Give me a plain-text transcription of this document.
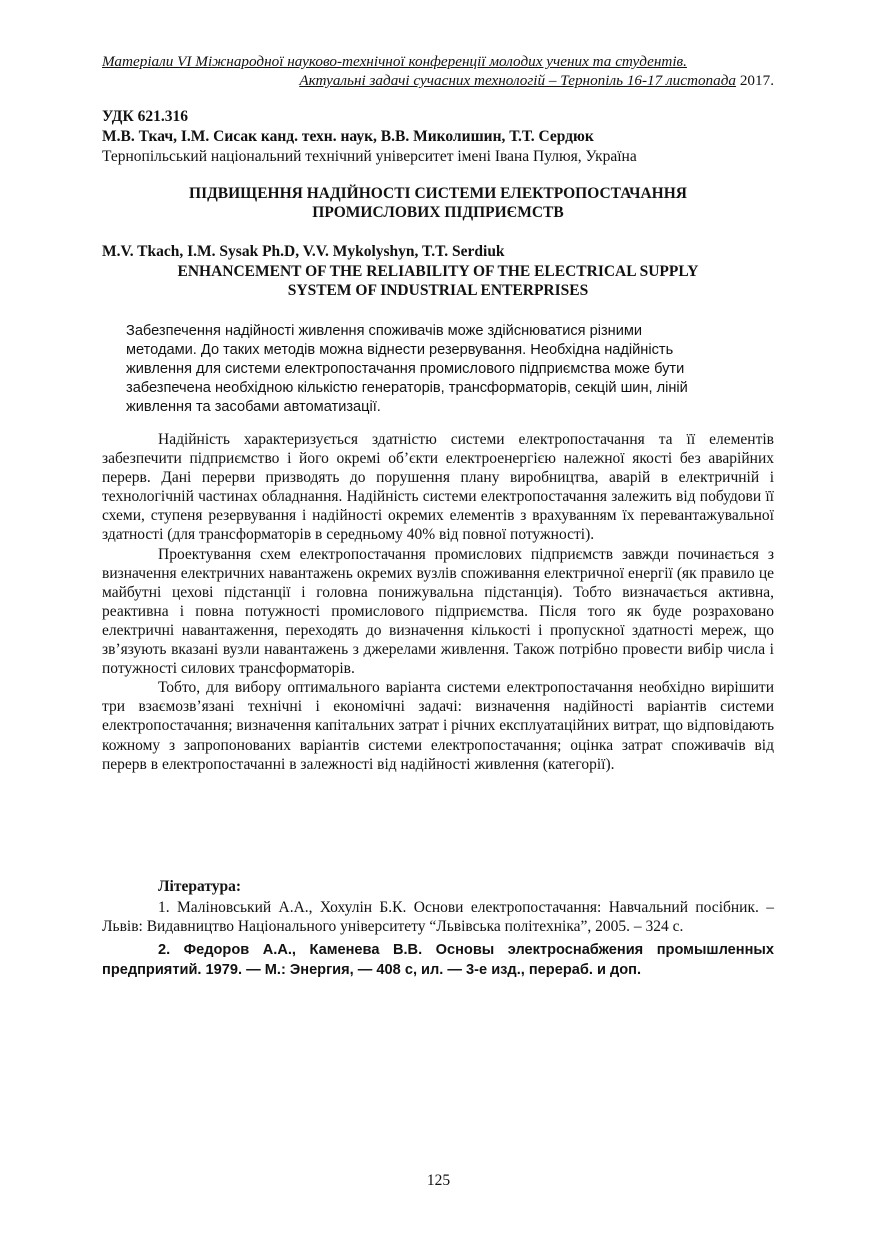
Матеріали VI Міжнародної науково-технічної конференції молодих учених та студентів.
Актуальні задачі сучасних технологій – Тернопіль 16-17 листопада 2017.
УДК 621.316
М.В. Ткач, І.М. Сисак канд. техн. наук, В.В. Миколишин, Т.Т. Сердюк
Тернопільський національний технічний університет імені Івана Пулюя, Україна
ПІДВИЩЕННЯ НАДІЙНОСТІ СИСТЕМИ ЕЛЕКТРОПОСТАЧАННЯ
ПРОМИСЛОВИХ ПІДПРИЄМСТВ
M.V. Tkach, I.M. Sysak Ph.D, V.V. Mykolyshyn, T.T. Serdiuk
ENHANCEMENT OF THE RELIABILITY OF THE ELECTRICAL SUPPLY
SYSTEM OF INDUSTRIAL ENTERPRISES
Забезпечення надійності живлення споживачів може здійснюватися різними
методами. До таких методів можна віднести резервування. Необхідна надійність
живлення для системи електропостачання промислового підприємства може бути
забезпечена необхідною кількістю генераторів, трансформаторів, секцій шин, ліній
живлення та засобами автоматизації.

Надійність характеризується здатністю системи електропостачання та її елементів забезпечити підприємство і його окремі об’єкти електроенергією належної якості без аварійних перерв. Дані перерви призводять до порушення плану виробництва, аварій в електричній і технологічній частинах обладнання. Надійність системи електропостачання залежить від побудови її схеми, ступеня резервування і надійності окремих елементів з врахуванням їх перевантажувальної здатності (для трансформаторів в середньому 40% від повної потужності).

Проектування схем електропостачання промислових підприємств завжди починається з визначення електричних навантажень окремих вузлів споживання електричної енергії (як правило це майбутні цехові підстанції і головна понижувальна підстанція). Тобто визначається активна, реактивна і повна потужності промислового підприємства. Після того як буде розраховано електричні навантаження, переходять до визначення кількості і пропускної здатності мереж, що зв’язують вказані вузли навантажень з джерелами живлення. Також потрібно провести вибір числа і потужності силових трансформаторів.

Тобто, для вибору оптимального варіанта системи електропостачання необхідно вирішити три взаємозв’язані технічні і економічні задачі: визначення надійності варіантів системи електропостачання; визначення капітальних затрат і річних експлуатаційних витрат, що відповідають кожному з запропонованих варіантів системи електропостачання; оцінка затрат споживачів від перерв в електропостачанні в залежності від надійності живлення (категорії).

Література:

1. Маліновський А.А., Хохулін Б.К. Основи електропостачання: Навчальний посібник. – Львів: Видавництво Національного університету “Львівська політехніка”, 2005. – 324 с.

2. Федоров А.А., Каменева В.В. Основы электроснабжения промышленных предприятий. 1979. — М.: Энергия, — 408 с, ил. — 3-е изд., перераб. и доп.

125
